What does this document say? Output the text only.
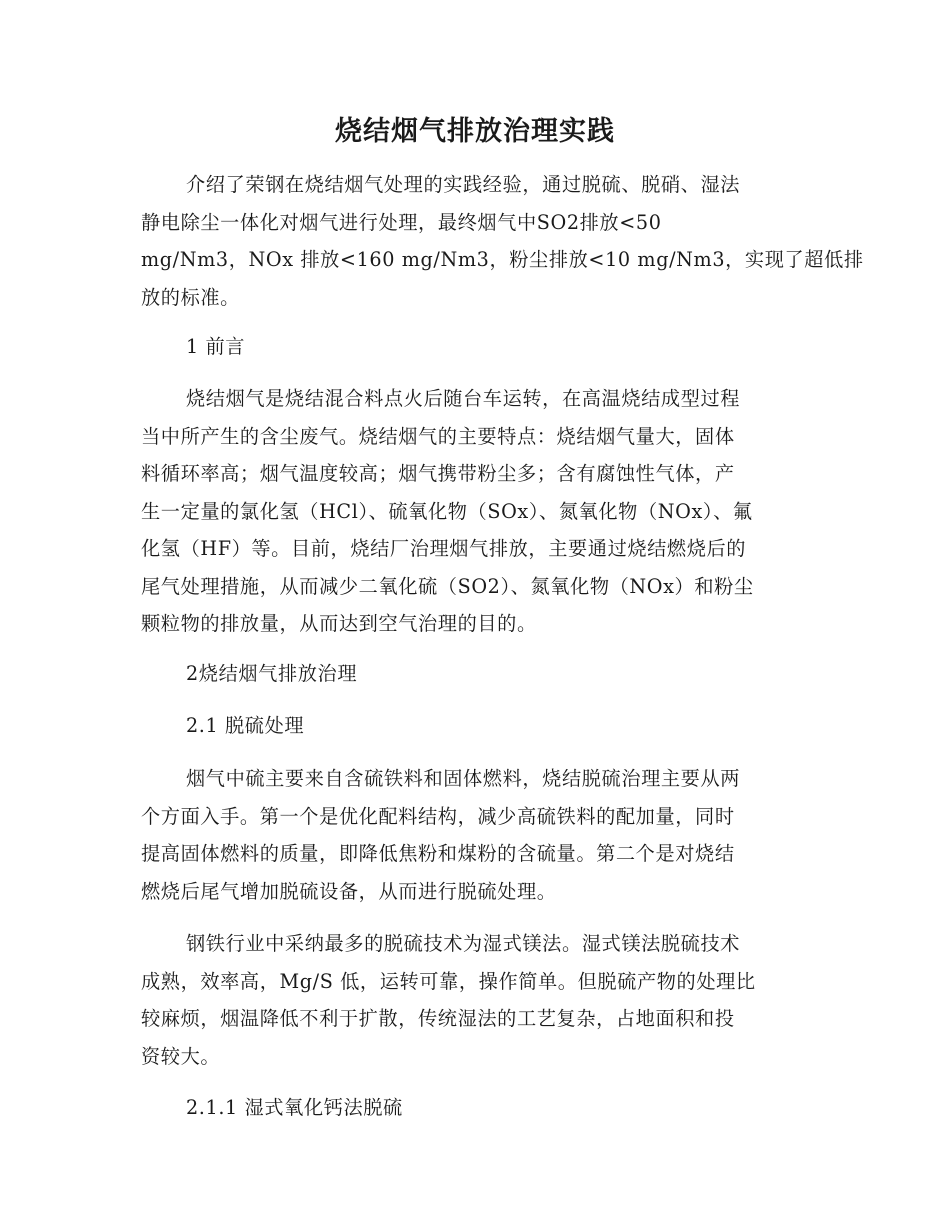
烧结烟气排放治理实践
介绍了荣钢在烧结烟气处理的实践经验，通过脱硫、脱硝、湿法
静电除尘一体化对烟气进行处理，最终烟气中SO2排放<50
mg/Nm3，NOx 排放<160 mg/Nm3，粉尘排放<10 mg/Nm3，实现了超低排
放的标准。
1 前言
烧结烟气是烧结混合料点火后随台车运转，在高温烧结成型过程
当中所产生的含尘废气。烧结烟气的主要特点：烧结烟气量大，固体
料循环率高；烟气温度较高；烟气携带粉尘多；含有腐蚀性气体，产
生一定量的氯化氢（HCl）、硫氧化物（SOx）、氮氧化物（NOx）、氟
化氢（HF）等。目前，烧结厂治理烟气排放，主要通过烧结燃烧后的
尾气处理措施，从而减少二氧化硫（SO2）、氮氧化物（NOx）和粉尘
颗粒物的排放量，从而达到空气治理的目的。
2烧结烟气排放治理
2.1 脱硫处理
烟气中硫主要来自含硫铁料和固体燃料，烧结脱硫治理主要从两
个方面入手。第一个是优化配料结构，减少高硫铁料的配加量，同时
提高固体燃料的质量，即降低焦粉和煤粉的含硫量。第二个是对烧结
燃烧后尾气增加脱硫设备，从而进行脱硫处理。
钢铁行业中采纳最多的脱硫技术为湿式镁法。湿式镁法脱硫技术
成熟，效率高，Mg/S 低，运转可靠，操作简单。但脱硫产物的处理比
较麻烦，烟温降低不利于扩散，传统湿法的工艺复杂，占地面积和投
资较大。
2.1.1 湿式氧化钙法脱硫
